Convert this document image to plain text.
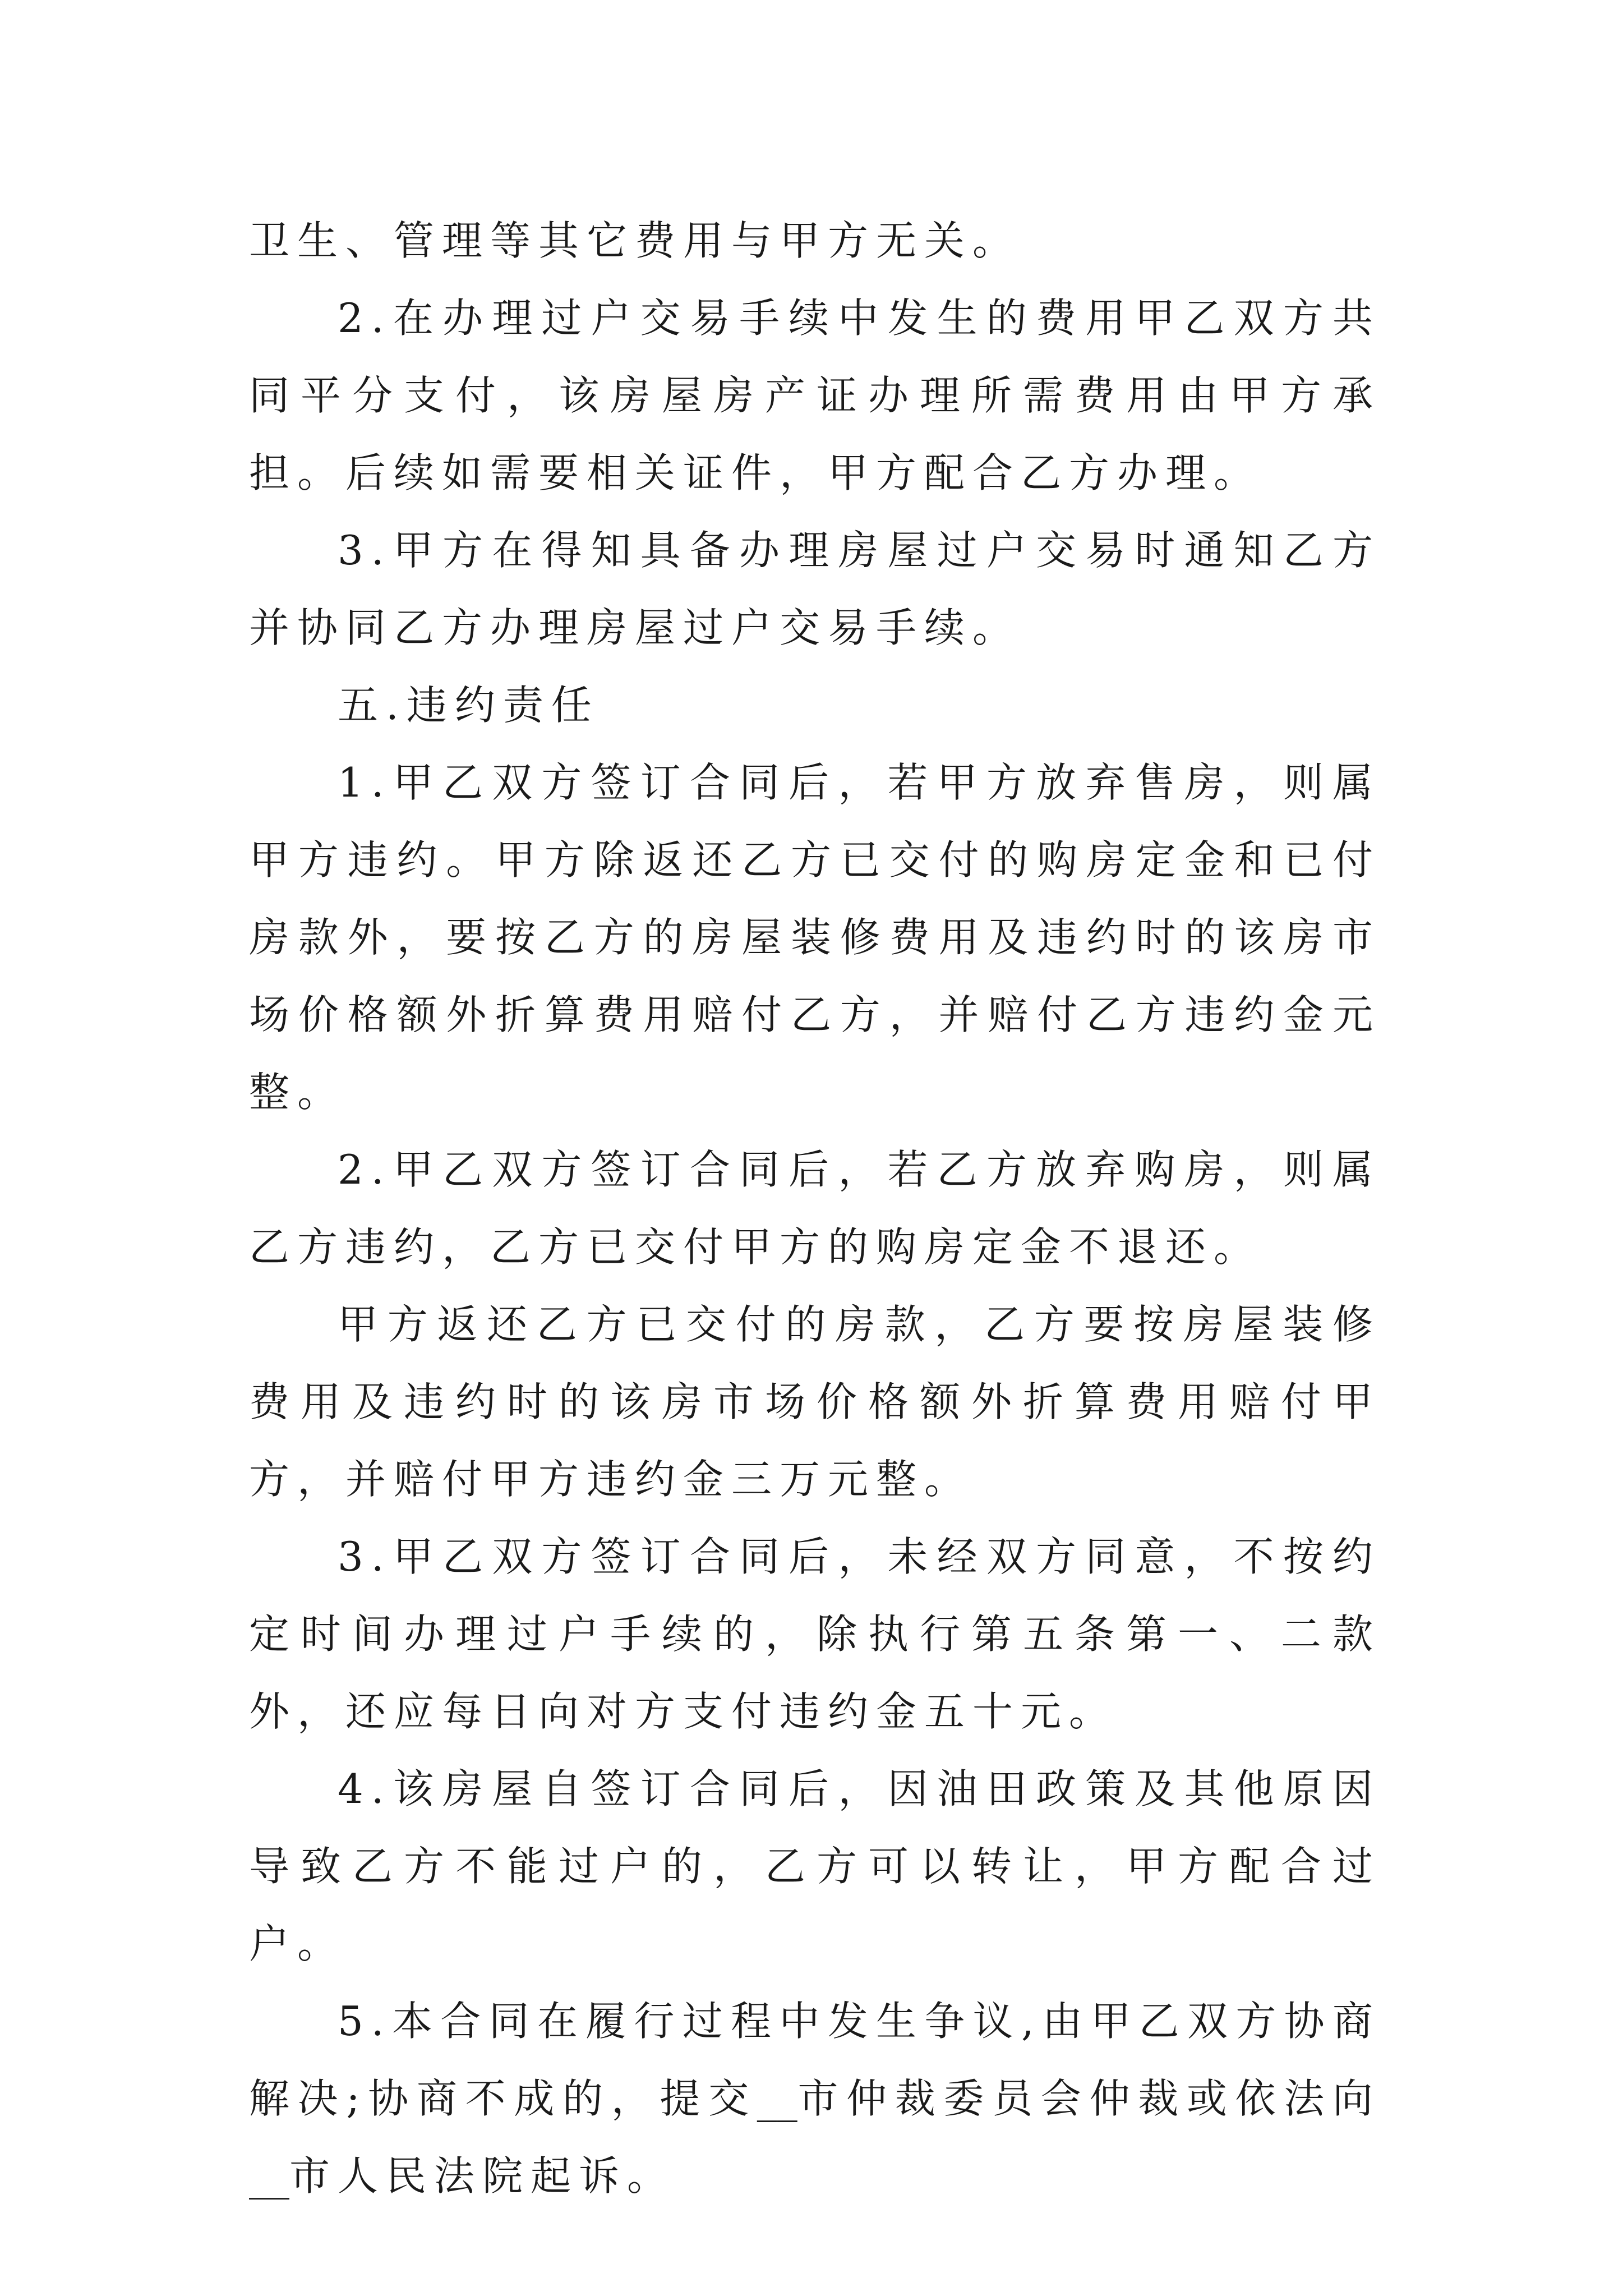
卫生、管理等其它费用与甲方无关。

2.在办理过户交易手续中发生的费用甲乙双方共同平分支付，该房屋房产证办理所需费用由甲方承担。后续如需要相关证件，甲方配合乙方办理。

3.甲方在得知具备办理房屋过户交易时通知乙方并协同乙方办理房屋过户交易手续。

五.违约责任

1.甲乙双方签订合同后，若甲方放弃售房，则属甲方违约。甲方除返还乙方已交付的购房定金和已付房款外，要按乙方的房屋装修费用及违约时的该房市场价格额外折算费用赔付乙方，并赔付乙方违约金元整。

2.甲乙双方签订合同后，若乙方放弃购房，则属乙方违约，乙方已交付甲方的购房定金不退还。

甲方返还乙方已交付的房款，乙方要按房屋装修费用及违约时的该房市场价格额外折算费用赔付甲方，并赔付甲方违约金三万元整。

3.甲乙双方签订合同后，未经双方同意，不按约定时间办理过户手续的，除执行第五条第一、二款外，还应每日向对方支付违约金五十元。

4.该房屋自签订合同后，因油田政策及其他原因导致乙方不能过户的，乙方可以转让，甲方配合过户。

5.本合同在履行过程中发生争议,由甲乙双方协商解决;协商不成的，提交__市仲裁委员会仲裁或依法向__市人民法院起诉。
